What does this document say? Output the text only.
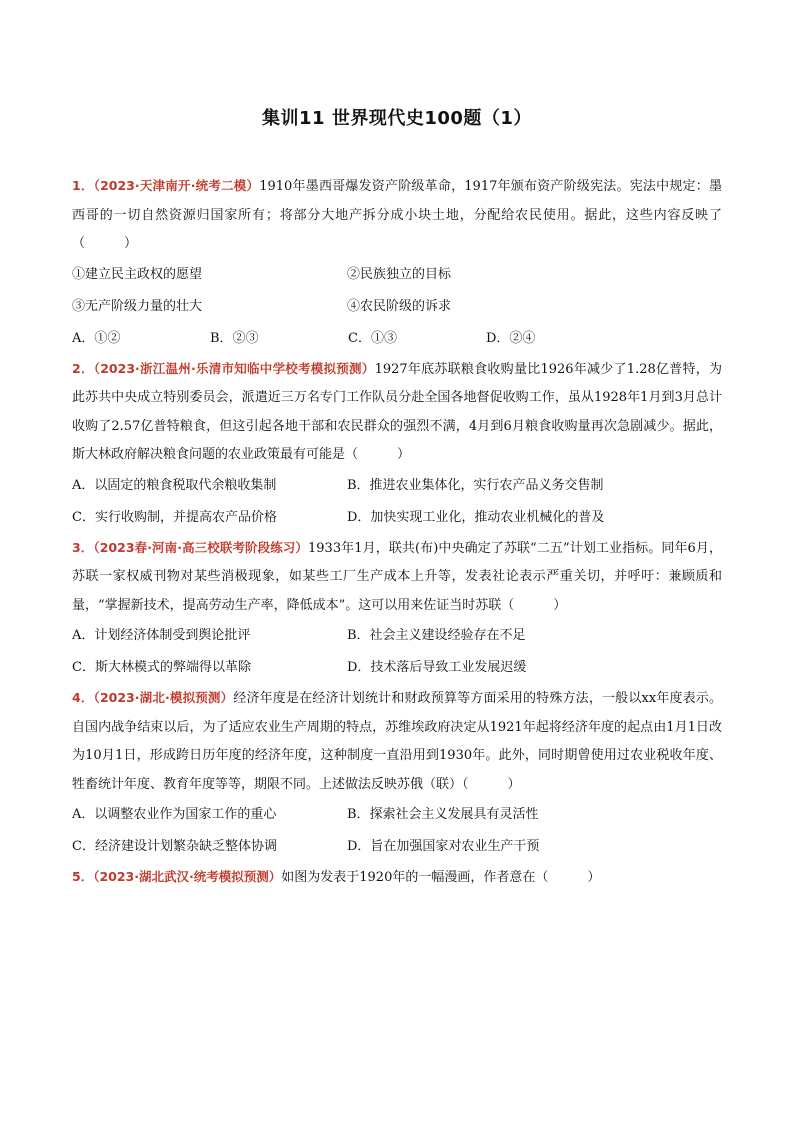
集训11 世界现代史100题（1）

1．（2023·天津南开·统考二模）1910年墨西哥爆发资产阶级革命，1917年颁布资产阶级宪法。宪法中规定：墨西哥的一切自然资源归国家所有；将部分大地产拆分成小块土地，分配给农民使用。据此，这些内容反映了（　　　）

①建立民主政权的愿望	②民族独立的目标
③无产阶级力量的壮大	④农民阶级的诉求
A．①②	B．②③	C．①③	D．②④

2．（2023·浙江温州·乐清市知临中学校考模拟预测）1927年底苏联粮食收购量比1926年减少了1.28亿普特，为此苏共中央成立特别委员会，派遣近三万名专门工作队员分赴全国各地督促收购工作，虽从1928年1月到3月总计收购了2.57亿普特粮食，但这引起各地干部和农民群众的强烈不满，4月到6月粮食收购量再次急剧减少。据此，斯大林政府解决粮食问题的农业政策最有可能是（　　　）

A．以固定的粮食税取代余粮收集制	B．推进农业集体化，实行农产品义务交售制
C．实行收购制，并提高农产品价格	D．加快实现工业化，推动农业机械化的普及

3．（2023春·河南·高三校联考阶段练习）1933年1月，联共(布)中央确定了苏联“二五”计划工业指标。同年6月，苏联一家权威刊物对某些消极现象，如某些工厂生产成本上升等，发表社论表示严重关切，并呼吁：兼顾质和量，“掌握新技术，提高劳动生产率，降低成本”。这可以用来佐证当时苏联（　　　）

A．计划经济体制受到舆论批评	B．社会主义建设经验存在不足
C．斯大林模式的弊端得以革除	D．技术落后导致工业发展迟缓

4．（2023·湖北·模拟预测）经济年度是在经济计划统计和财政预算等方面采用的特殊方法，一般以xx年度表示。自国内战争结束以后，为了适应农业生产周期的特点，苏维埃政府决定从1921年起将经济年度的起点由1月1日改为10月1日，形成跨日历年度的经济年度，这种制度一直沿用到1930年。此外，同时期曾使用过农业税收年度、牲畜统计年度、教育年度等等，期限不同。上述做法反映苏俄（联）（　　　）

A．以调整农业作为国家工作的重心	B．探索社会主义发展具有灵活性
C．经济建设计划繁杂缺乏整体协调	D．旨在加强国家对农业生产干预

5．（2023·湖北武汉·统考模拟预测）如图为发表于1920年的一幅漫画，作者意在（　　　）
